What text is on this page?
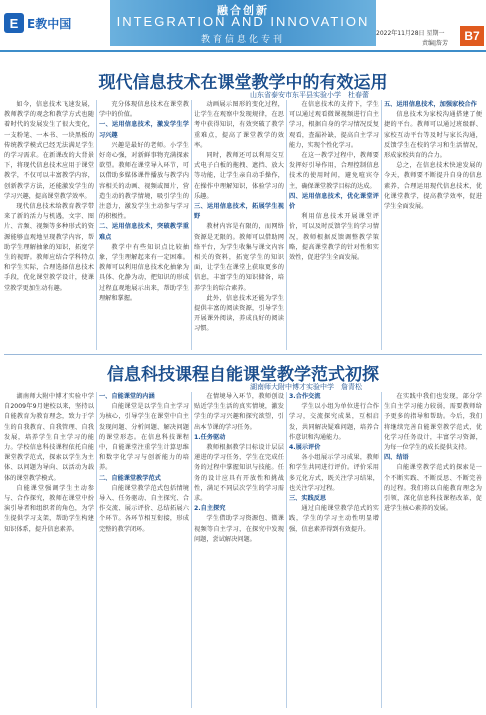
E E教中国
融合创新
INTEGRATION AND INNOVATION
教育信息化专刊
2022年11月28日 星期一
责编|詹芳
B7
现代信息技术在课堂教学中的有效运用
山东省泰安市东平县实验小学　杜春蕾

如今，信息技术飞速发展，教师教学的观念和教学方式也随着时代的发展发生了很大变化，一支粉笔、一本书、一块黑板的传统教学模式已经无法满足学生的学习需求。在新课改的大背景下，将现代信息技术应用于课堂教学，不仅可以丰富教学内容，创新教学方法，还能激发学生的学习兴趣，提高课堂教学效率。

现代信息技术给教育教学带来了新的活力与机遇，文字、图片、音频、视频等多种形式的资源能够直观地呈现教学内容，帮助学生理解抽象的知识，拓宽学生的视野。教师应结合学科特点和学生实际，合理选择信息技术手段，优化课堂教学设计，使课堂教学更加生动有趣。

充分体现信息技术在课堂教学中的价值。

一、运用信息技术，激发学生学习兴趣

兴趣是最好的老师。小学生好奇心强，对新鲜事物充满探索欲望。教师在课堂导入环节，可以借助多媒体课件播放与教学内容相关的动画、视频或图片，营造生动的教学情境，吸引学生的注意力，激发学生主动参与学习的积极性。

二、运用信息技术，突破教学重难点

教学中有些知识点比较抽象，学生理解起来有一定困难。教师可以利用信息技术化抽象为具体、化静为动，把知识的形成过程直观地展示出来，帮助学生理解和掌握。

动画展示图形的变化过程，让学生在观察中发现规律，在思考中获得知识，有效突破了教学重难点，提高了课堂教学的效率。

同时，教师还可以利用交互式电子白板的拖拽、遮挡、放大等功能，让学生亲自动手操作，在操作中理解知识，体验学习的乐趣。

三、运用信息技术，拓展学生视野

教材内容是有限的，而网络资源是无限的。教师可以借助网络平台，为学生收集与课文内容相关的资料，拓宽学生的知识面，让学生在课堂上获取更多的信息，丰富学生的知识储备，培养学生的综合素养。

此外，信息技术还能为学生提供丰富的阅读资源，引导学生开展课外阅读，养成良好的阅读习惯。

在信息技术的支持下，学生可以通过观看微课视频进行自主学习，根据自身的学习情况反复观看，查漏补缺，提高自主学习能力，实现个性化学习。

在这一教学过程中，教师要发挥好引导作用，合理控制信息技术的使用时间，避免喧宾夺主，确保课堂教学目标的达成。

四、运用信息技术，优化课堂评价

利用信息技术开展课堂评价，可以及时反馈学生的学习情况，教师根据反馈调整教学策略，提高课堂教学的针对性和实效性，促进学生全面发展。

五、运用信息技术，加强家校合作

信息技术为家校沟通搭建了便捷的平台。教师可以通过班级群、家校互动平台等及时与家长沟通，反馈学生在校的学习和生活情况，形成家校共育的合力。

总之，在信息技术快速发展的今天，教师要不断提升自身的信息素养，合理运用现代信息技术，优化课堂教学，提高教学效率，促进学生全面发展。

信息科技课程自能课堂教学范式初探
湖南师大附中博才实验中学　詹青松

湖南师大附中博才实验中学自2009年9月建校以来，坚持以自能教育为教育理念，致力于学生的自我教育、自我管理、自我发展，培养学生自主学习的能力。学校信息科技课程依托自能课堂教学范式，探索以学生为主体、以问题为导向、以活动为载体的课堂教学模式。

自能课堂强调学生主动参与、合作探究，教师在课堂中扮演引导者和组织者的角色，为学生提供学习支架，帮助学生构建知识体系，提升信息素养。

一、自能课堂的内涵

自能课堂是以学生自主学习为核心，引导学生在课堂中自主发现问题、分析问题、解决问题的课堂形态。在信息科技课程中，自能课堂注重学生计算思维和数字化学习与创新能力的培养。

二、自能课堂教学范式

自能课堂教学范式包括情境导入、任务驱动、自主探究、合作交流、展示评价、总结拓展六个环节。各环节相互衔接，形成完整的教学闭环。

在情境导入环节，教师创设贴近学生生活的真实情境，激发学生的学习兴趣和探究欲望，引出本节课的学习任务。

1.任务驱动

教师根据教学目标设计层层递进的学习任务，学生在完成任务的过程中掌握知识与技能。任务的设计应具有开放性和挑战性，满足不同层次学生的学习需求。

2.自主探究

学生借助学习资源包、微课视频等自主学习，在探究中发现问题，尝试解决问题。

3.合作交流

学生以小组为单位进行合作学习，交流探究成果，互相启发，共同解决疑难问题，培养合作意识和沟通能力。

4.展示评价

各小组展示学习成果，教师和学生共同进行评价。评价采用多元化方式，既关注学习结果，也关注学习过程。

三、实践反思

通过自能课堂教学范式的实践，学生的学习主动性明显增强，信息素养得到有效提升。

在实践中我们也发现，部分学生自主学习能力较弱，需要教师给予更多的指导和帮助。今后，我们将继续完善自能课堂教学范式，优化学习任务设计，丰富学习资源，为每一位学生的成长提供支持。

四、结语

自能课堂教学范式的探索是一个不断实践、不断反思、不断完善的过程。我们将以自能教育理念为引领，深化信息科技课程改革，促进学生核心素养的发展。
